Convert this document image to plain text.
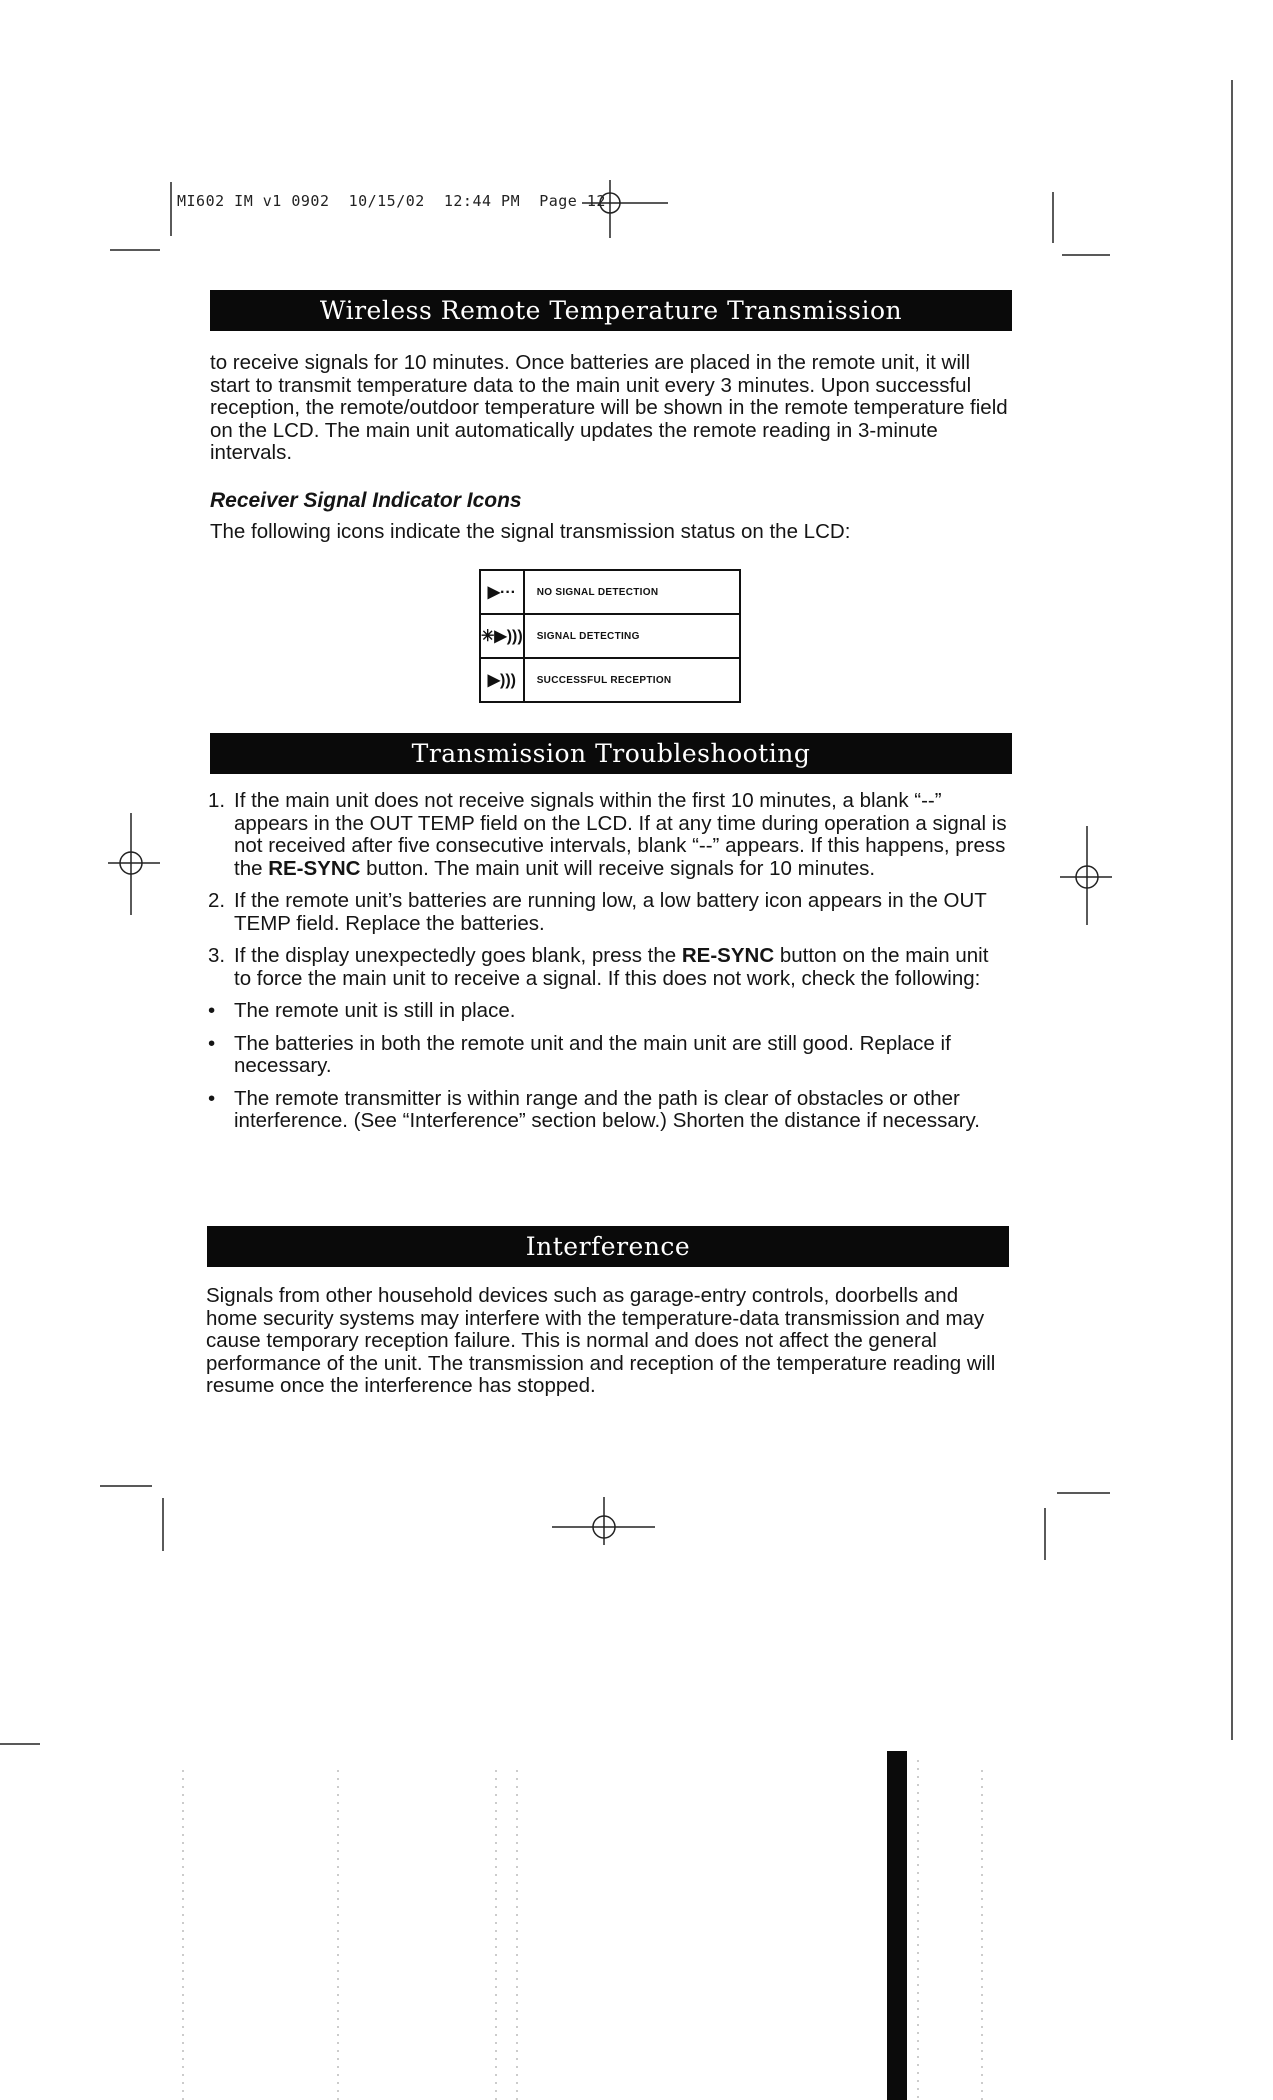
MI602 IM v1 0902 10/15/02 12:44 PM Page 12
Wireless Remote Temperature Transmission
to receive signals for 10 minutes. Once batteries are placed in the remote unit, it will start to transmit temperature data to the main unit every 3 minutes. Upon successful reception, the remote/outdoor temperature will be shown in the remote temperature field on the LCD. The main unit automatically updates the remote reading in 3-minute intervals.
Receiver Signal Indicator Icons
The following icons indicate the signal transmission status on the LCD:
▶···	NO SIGNAL DETECTION
✳▶)))	SIGNAL DETECTING
▶)))	SUCCESSFUL RECEPTION
Transmission Troubleshooting
1. If the main unit does not receive signals within the first 10 minutes, a blank “--” appears in the OUT TEMP field on the LCD. If at any time during operation a signal is not received after five consecutive intervals, blank “--” appears. If this happens, press the RE-SYNC button. The main unit will receive signals for 10 minutes.
2. If the remote unit’s batteries are running low, a low battery icon appears in the OUT TEMP field. Replace the batteries.
3. If the display unexpectedly goes blank, press the RE-SYNC button on the main unit to force the main unit to receive a signal. If this does not work, check the following:
• The remote unit is still in place.
• The batteries in both the remote unit and the main unit are still good. Replace if necessary.
• The remote transmitter is within range and the path is clear of obstacles or other interference. (See “Interference” section below.) Shorten the distance if necessary.
Interference
Signals from other household devices such as garage-entry controls, doorbells and home security systems may interfere with the temperature-data transmission and may cause temporary reception failure. This is normal and does not affect the general performance of the unit. The transmission and reception of the temperature reading will resume once the interference has stopped.
